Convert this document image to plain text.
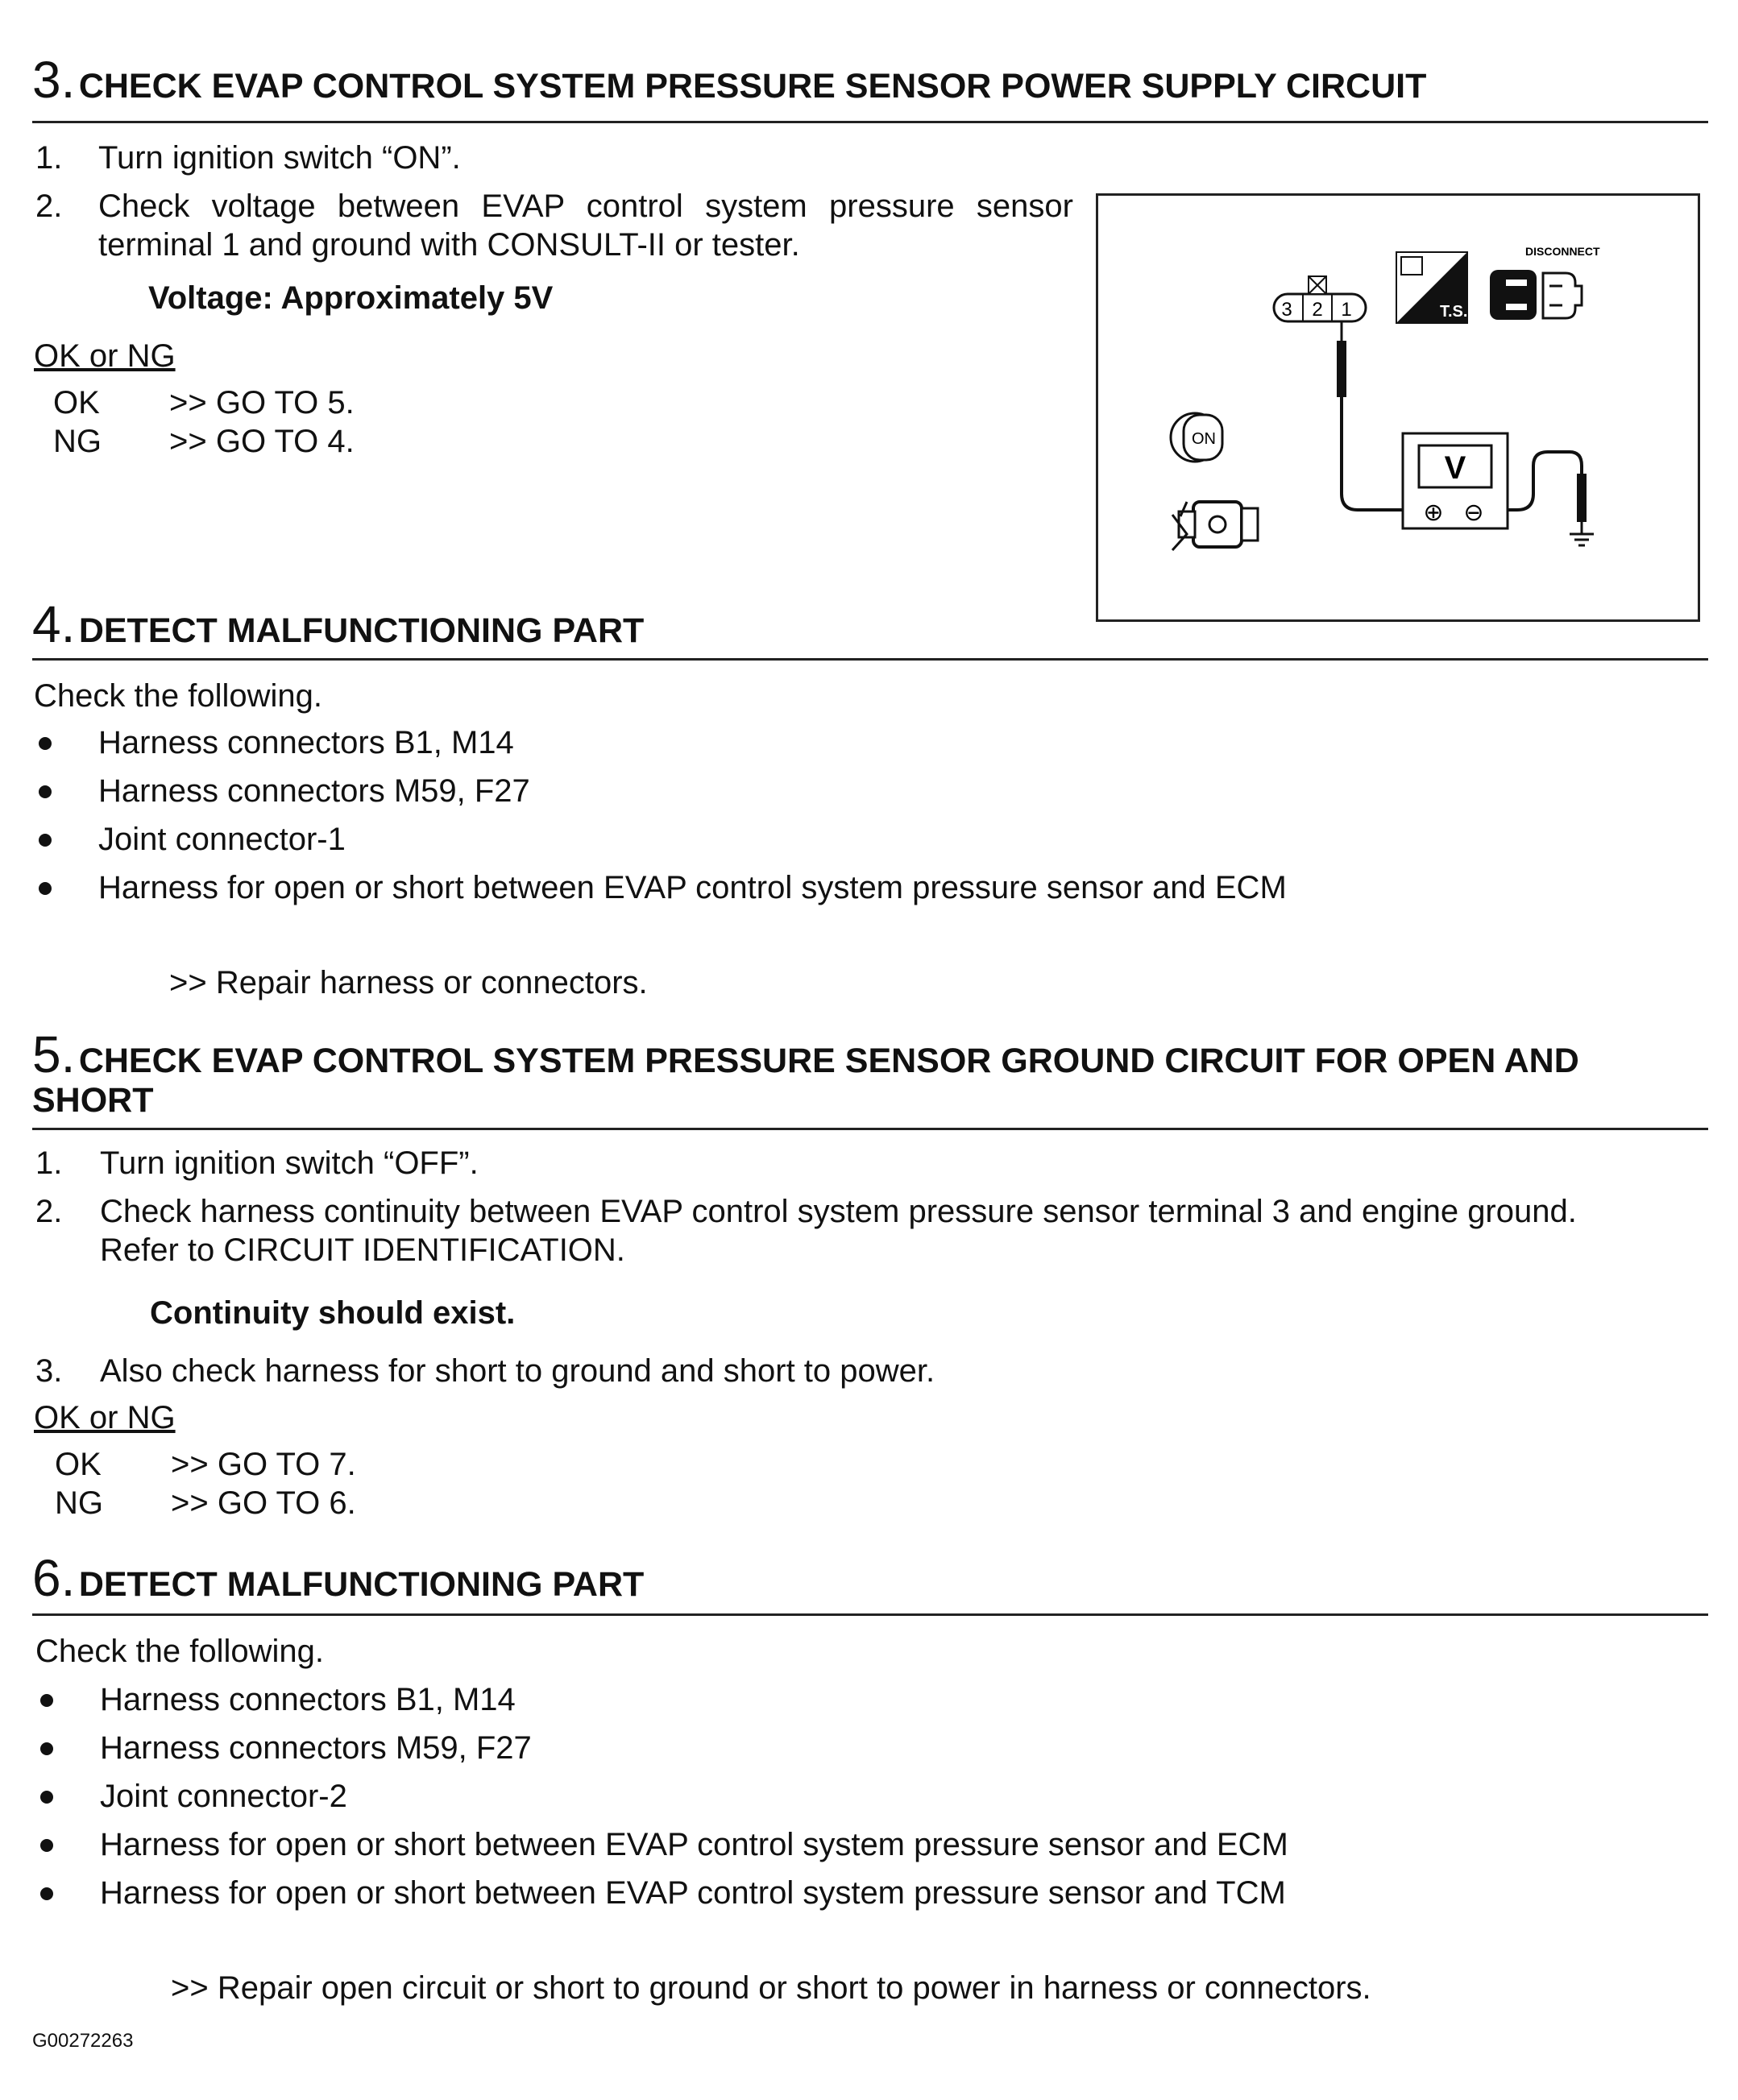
3. CHECK EVAP CONTROL SYSTEM PRESSURE SENSOR POWER SUPPLY CIRCUIT
1. Turn ignition switch “ON”.
2. Check voltage between EVAP control system pressure sensor
terminal 1 and ground with CONSULT-II or tester.
Voltage: Approximately 5V
OK or NG
OK >> GO TO 5.
NG >> GO TO 4.
3 2 1
V
⊕ ⊖
T.S.
DISCONNECT
ON
4. DETECT MALFUNCTIONING PART
Check the following.
Harness connectors B1, M14
Harness connectors M59, F27
Joint connector-1
Harness for open or short between EVAP control system pressure sensor and ECM
>> Repair harness or connectors.
5. CHECK EVAP CONTROL SYSTEM PRESSURE SENSOR GROUND CIRCUIT FOR OPEN AND
SHORT
1. Turn ignition switch “OFF”.
2. Check harness continuity between EVAP control system pressure sensor terminal 3 and engine ground.
Refer to CIRCUIT IDENTIFICATION.
Continuity should exist.
3. Also check harness for short to ground and short to power.
OK or NG
OK >> GO TO 7.
NG >> GO TO 6.
6. DETECT MALFUNCTIONING PART
Check the following.
Harness connectors B1, M14
Harness connectors M59, F27
Joint connector-2
Harness for open or short between EVAP control system pressure sensor and ECM
Harness for open or short between EVAP control system pressure sensor and TCM
>> Repair open circuit or short to ground or short to power in harness or connectors.
G00272263
